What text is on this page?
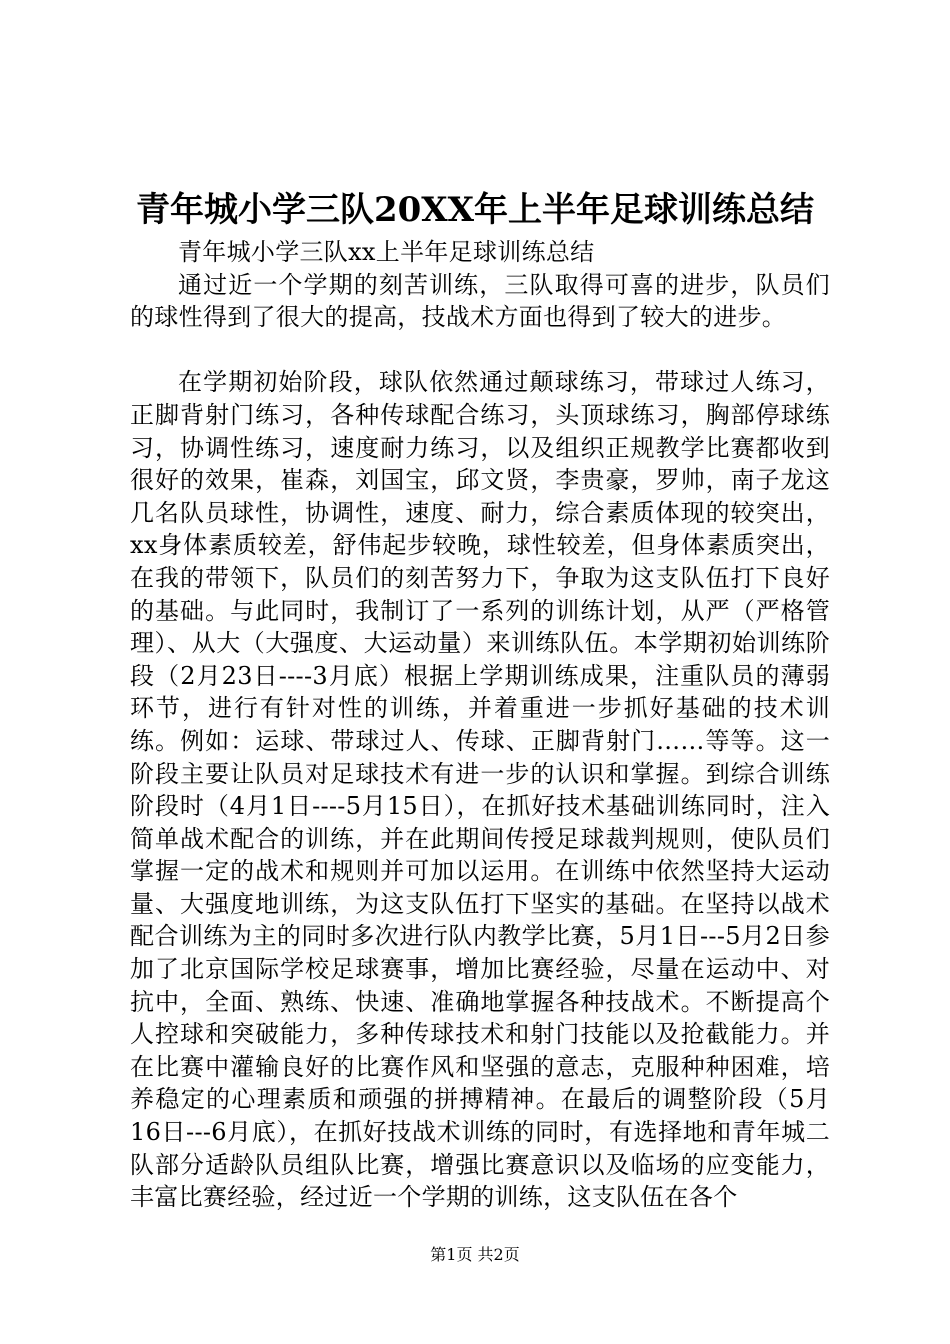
青年城小学三队20XX年上半年足球训练总结

青年城小学三队xx上半年足球训练总结

通过近一个学期的刻苦训练，三队取得可喜的进步，队员们的球性得到了很大的提高，技战术方面也得到了较大的进步。

在学期初始阶段，球队依然通过颠球练习，带球过人练习，正脚背射门练习，各种传球配合练习，头顶球练习，胸部停球练习，协调性练习，速度耐力练习，以及组织正规教学比赛都收到很好的效果，崔森，刘国宝，邱文贤，李贵豪，罗帅，南子龙这几名队员球性，协调性，速度、耐力，综合素质体现的较突出，xx身体素质较差，舒伟起步较晚，球性较差，但身体素质突出，在我的带领下，队员们的刻苦努力下，争取为这支队伍打下良好的基础。与此同时，我制订了一系列的训练计划，从严（严格管理）、从大（大强度、大运动量）来训练队伍。本学期初始训练阶段（2月23日----3月底）根据上学期训练成果，注重队员的薄弱环节，进行有针对性的训练，并着重进一步抓好基础的技术训练。例如：运球、带球过人、传球、正脚背射门……等等。这一阶段主要让队员对足球技术有进一步的认识和掌握。到综合训练阶段时（4月1日----5月15日），在抓好技术基础训练同时，注入简单战术配合的训练，并在此期间传授足球裁判规则，使队员们掌握一定的战术和规则并可加以运用。在训练中依然坚持大运动量、大强度地训练，为这支队伍打下坚实的基础。在坚持以战术配合训练为主的同时多次进行队内教学比赛，5月1日---5月2日参加了北京国际学校足球赛事，增加比赛经验，尽量在运动中、对抗中，全面、熟练、快速、准确地掌握各种技战术。不断提高个人控球和突破能力，多种传球技术和射门技能以及抢截能力。并在比赛中灌输良好的比赛作风和坚强的意志，克服种种困难，培养稳定的心理素质和顽强的拼搏精神。在最后的调整阶段（5月16日---6月底），在抓好技战术训练的同时，有选择地和青年城二队部分适龄队员组队比赛，增强比赛意识以及临场的应变能力，丰富比赛经验，经过近一个学期的训练，这支队伍在各个

第1页 共2页
